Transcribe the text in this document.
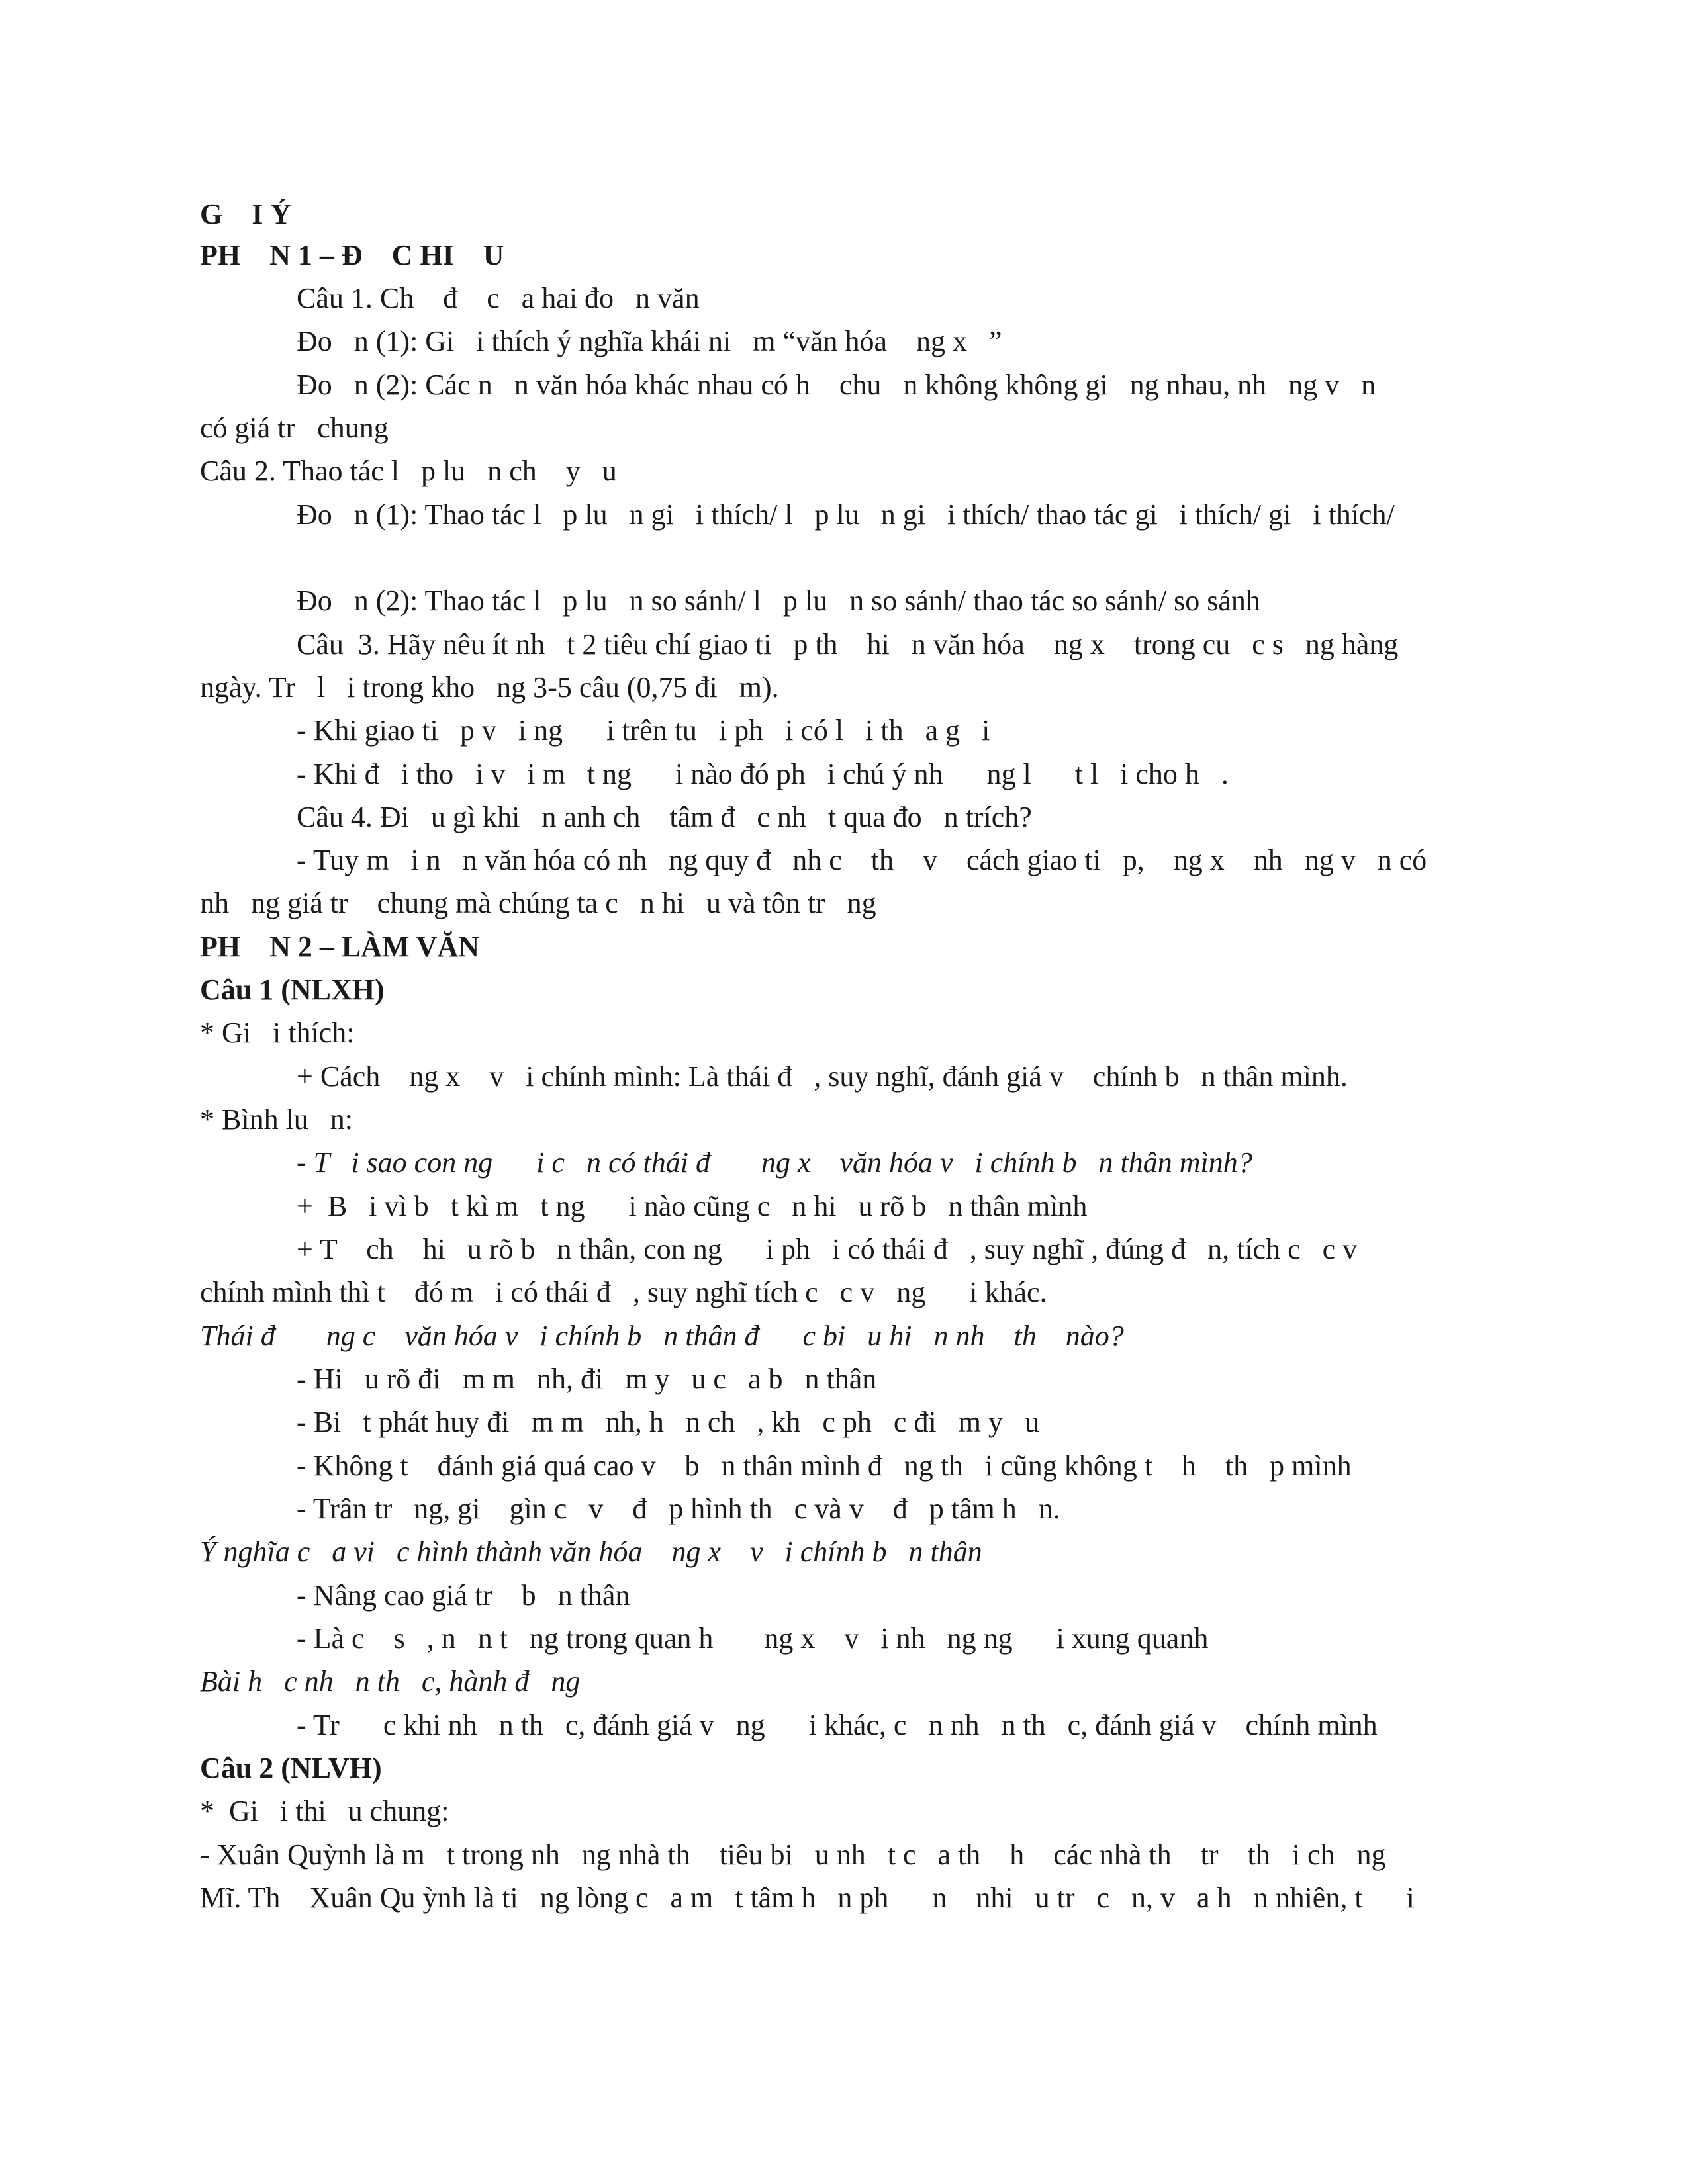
G    I Ý
PH    N 1 – Đ    C HI    U
Câu 1. Ch    đ    c   a hai đo   n văn
Đo   n (1): Gi   i thích ý nghĩa khái ni   m “văn hóa    ng x   ”
Đo   n (2): Các n   n văn hóa khác nhau có h    chu   n không không gi   ng nhau, nh   ng v   n
có giá tr   chung
Câu 2. Thao tác l   p lu   n ch    y   u
Đo   n (1): Thao tác l   p lu   n gi   i thích/ l   p lu   n gi   i thích/ thao tác gi   i thích/ gi   i thích/
Đo   n (2): Thao tác l   p lu   n so sánh/ l   p lu   n so sánh/ thao tác so sánh/ so sánh
Câu  3. Hãy nêu ít nh   t 2 tiêu chí giao ti   p th    hi   n văn hóa    ng x    trong cu   c s   ng hàng
ngày. Tr   l   i trong kho   ng 3-5 câu (0,75 đi   m).
- Khi giao ti   p v   i ng      i trên tu   i ph   i có l   i th   a g   i
- Khi đ   i tho   i v   i m   t ng      i nào đó ph   i chú ý nh      ng l      t l   i cho h   .
Câu 4. Đi   u gì khi   n anh ch    tâm đ   c nh   t qua đo   n trích?
- Tuy m   i n   n văn hóa có nh   ng quy đ   nh c    th    v    cách giao ti   p,    ng x    nh   ng v   n có
nh   ng giá tr    chung mà chúng ta c   n hi   u và tôn tr   ng
PH    N 2 – LÀM VĂN
Câu 1 (NLXH)
* Gi   i thích:
+ Cách    ng x    v   i chính mình: Là thái đ   , suy nghĩ, đánh giá v    chính b   n thân mình.
* Bình lu   n:
- T   i sao con ng      i c   n có thái đ       ng x    văn hóa v   i chính b   n thân mình?
+  B   i vì b   t kì m   t ng      i nào cũng c   n hi   u rõ b   n thân mình
+ T    ch    hi   u rõ b   n thân, con ng      i ph   i có thái đ   , suy nghĩ , đúng đ   n, tích c   c v
chính mình thì t    đó m   i có thái đ   , suy nghĩ tích c   c v   ng      i khác.
Thái đ       ng c    văn hóa v   i chính b   n thân đ      c bi   u hi   n nh    th    nào?
- Hi   u rõ đi   m m   nh, đi   m y   u c   a b   n thân
- Bi   t phát huy đi   m m   nh, h   n ch   , kh   c ph   c đi   m y   u
- Không t    đánh giá quá cao v    b   n thân mình đ   ng th   i cũng không t    h    th   p mình
- Trân tr   ng, gi    gìn c   v    đ   p hình th   c và v    đ   p tâm h   n.
Ý nghĩa c   a vi   c hình thành văn hóa    ng x    v   i chính b   n thân
- Nâng cao giá tr    b   n thân
- Là c    s   , n   n t   ng trong quan h       ng x    v   i nh   ng ng      i xung quanh
Bài h   c nh   n th   c, hành đ   ng
- Tr      c khi nh   n th   c, đánh giá v   ng      i khác, c   n nh   n th   c, đánh giá v    chính mình
Câu 2 (NLVH)
*  Gi   i thi   u chung:
- Xuân Quỳnh là m   t trong nh   ng nhà th    tiêu bi   u nh   t c   a th    h    các nhà th    tr    th   i ch   ng
Mĩ. Th    Xuân Qu ỳnh là ti   ng lòng c   a m   t tâm h   n ph      n    nhi   u tr   c   n, v   a h   n nhiên, t      i
